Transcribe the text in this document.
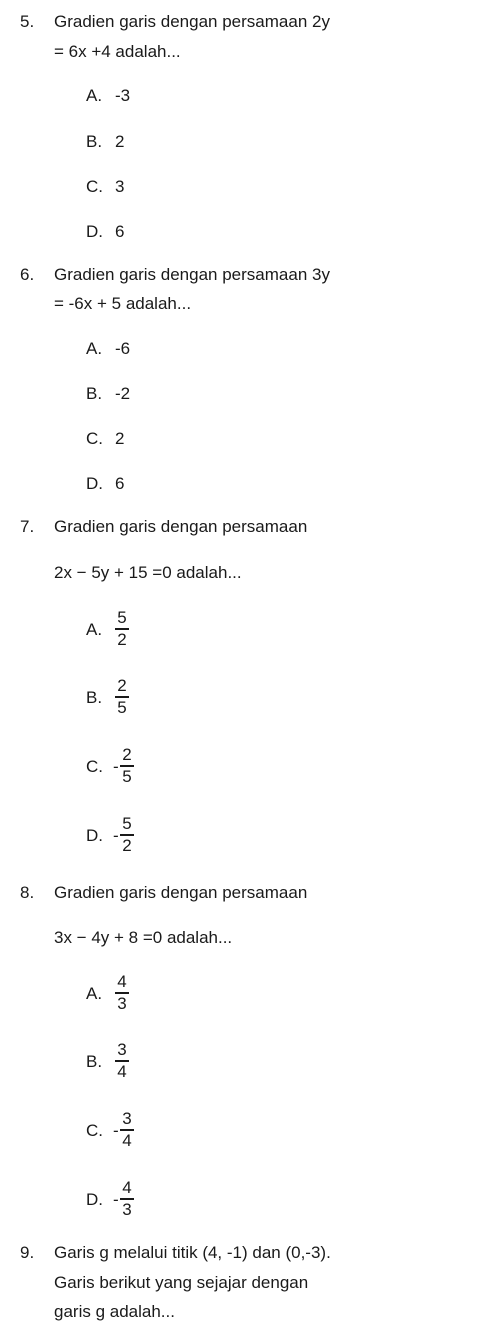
5. Gradien garis dengan persamaan 2y
= 6x +4 adalah...
A. -3
B. 2
C. 3
D. 6
6. Gradien garis dengan persamaan 3y
= -6x + 5 adalah...
A. -6
B. -2
C. 2
D. 6
7. Gradien garis dengan persamaan
2x − 5y + 15 =0 adalah...
A.
5
2
B.
2
5
C. -
2
5
D. -
5
2
8. Gradien garis dengan persamaan
3x − 4y + 8 =0 adalah...
A.
4
3
B.
3
4
C. -
3
4
D. -
4
3
9. Garis g melalui titik (4, -1) dan (0,-3).
Garis berikut yang sejajar dengan
garis g adalah...
